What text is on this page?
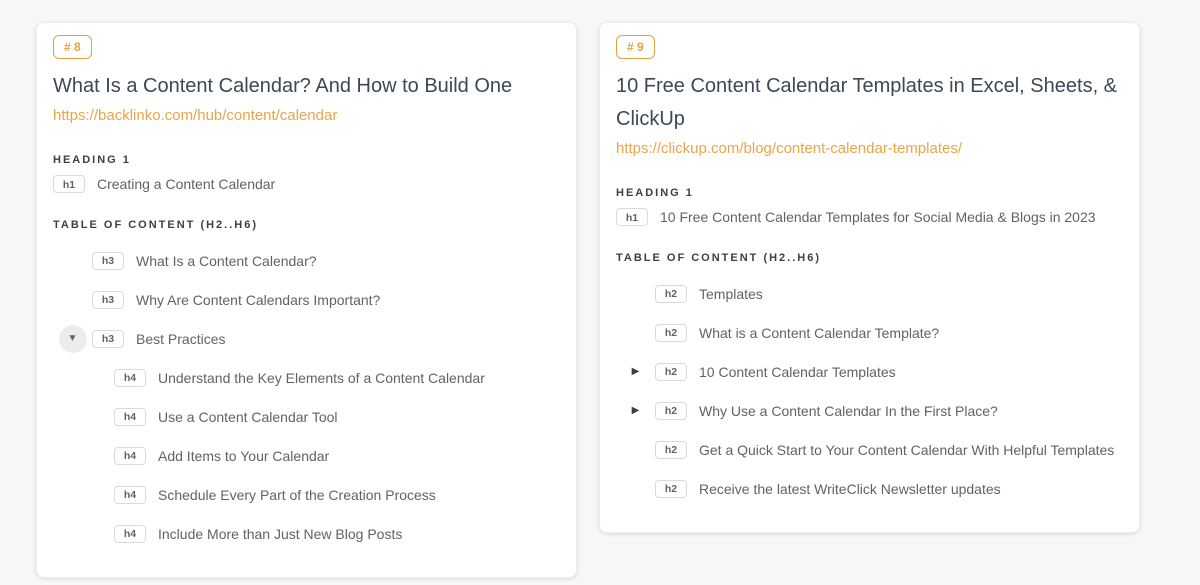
# 8
What Is a Content Calendar? And How to Build One
https://backlinko.com/hub/content/calendar
HEADING 1
h1	Creating a Content Calendar
TABLE OF CONTENT (H2..H6)
h3	What Is a Content Calendar?
h3	Why Are Content Calendars Important?
▼	h3	Best Practices
h4	Understand the Key Elements of a Content Calendar
h4	Use a Content Calendar Tool
h4	Add Items to Your Calendar
h4	Schedule Every Part of the Creation Process
h4	Include More than Just New Blog Posts
# 9
10 Free Content Calendar Templates in Excel, Sheets, & ClickUp
https://clickup.com/blog/content-calendar-templates/
HEADING 1
h1	10 Free Content Calendar Templates for Social Media & Blogs in 2023
TABLE OF CONTENT (H2..H6)
h2	Templates
h2	What is a Content Calendar Template?
▶	h2	10 Content Calendar Templates
▶	h2	Why Use a Content Calendar In the First Place?
h2	Get a Quick Start to Your Content Calendar With Helpful Templates
h2	Receive the latest WriteClick Newsletter updates
